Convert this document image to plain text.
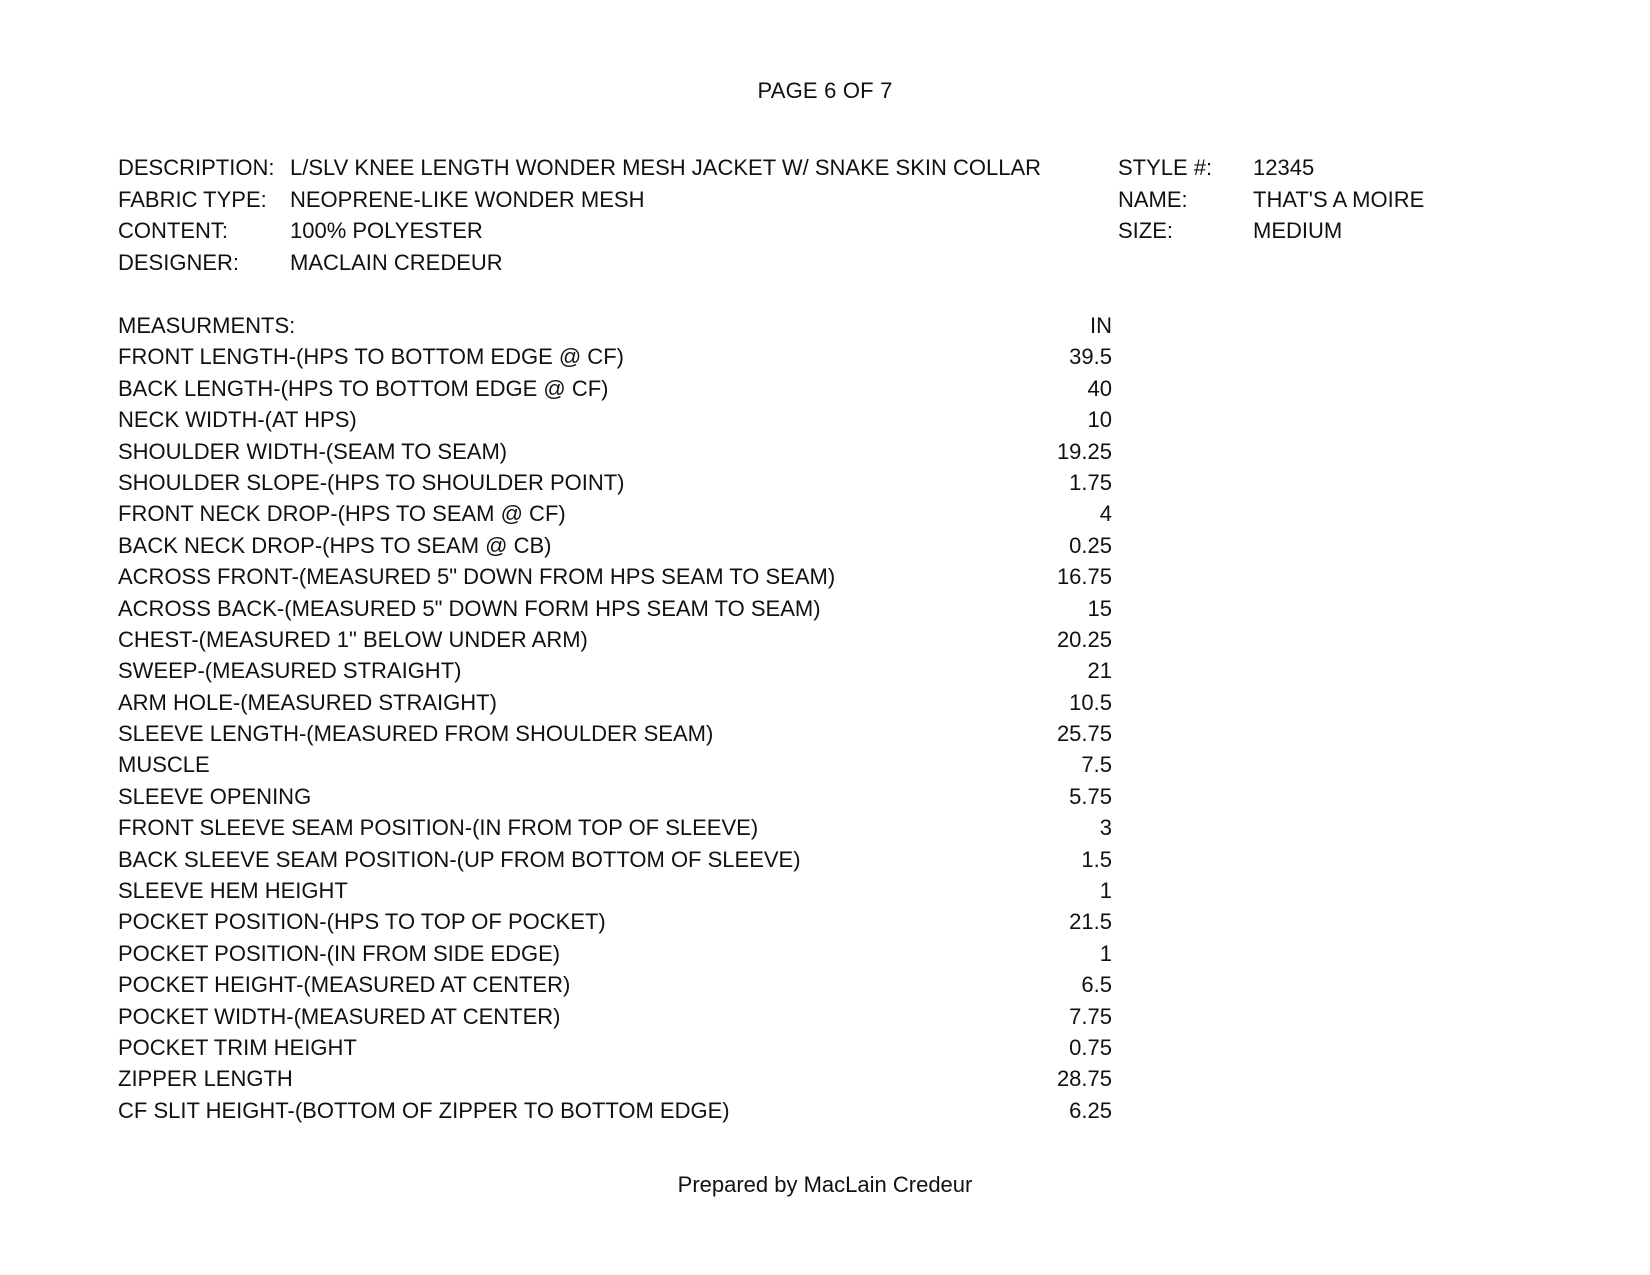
PAGE 6 OF 7
DESCRIPTION: L/SLV KNEE LENGTH WONDER MESH JACKET W/ SNAKE SKIN COLLAR
FABRIC TYPE:	NEOPRENE-LIKE WONDER MESH
CONTENT:	100% POLYESTER
DESIGNER:	MACLAIN CREDEUR
STYLE #:	12345
NAME:	THAT'S A MOIRE
SIZE:	MEDIUM
MEASURMENTS:	IN
FRONT LENGTH-(HPS TO BOTTOM EDGE @ CF)	39.5
BACK LENGTH-(HPS TO BOTTOM EDGE @ CF)	40
NECK WIDTH-(AT HPS)	10
SHOULDER WIDTH-(SEAM TO SEAM)	19.25
SHOULDER SLOPE-(HPS TO SHOULDER POINT)	1.75
FRONT NECK DROP-(HPS TO SEAM @ CF)	4
BACK NECK DROP-(HPS TO SEAM @ CB)	0.25
ACROSS FRONT-(MEASURED 5" DOWN FROM HPS SEAM TO SEAM)	16.75
ACROSS BACK-(MEASURED 5" DOWN FORM HPS SEAM TO SEAM)	15
CHEST-(MEASURED 1" BELOW UNDER ARM)	20.25
SWEEP-(MEASURED STRAIGHT)	21
ARM HOLE-(MEASURED STRAIGHT)	10.5
SLEEVE LENGTH-(MEASURED FROM SHOULDER SEAM)	25.75
MUSCLE	7.5
SLEEVE OPENING	5.75
FRONT SLEEVE SEAM POSITION-(IN FROM TOP OF SLEEVE)	3
BACK SLEEVE SEAM POSITION-(UP FROM BOTTOM OF SLEEVE)	1.5
SLEEVE HEM HEIGHT	1
POCKET POSITION-(HPS TO TOP OF POCKET)	21.5
POCKET POSITION-(IN FROM SIDE EDGE)	1
POCKET HEIGHT-(MEASURED AT CENTER)	6.5
POCKET WIDTH-(MEASURED AT CENTER)	7.75
POCKET TRIM HEIGHT	0.75
ZIPPER LENGTH	28.75
CF SLIT HEIGHT-(BOTTOM OF ZIPPER TO BOTTOM EDGE)	6.25
Prepared by MacLain Credeur
